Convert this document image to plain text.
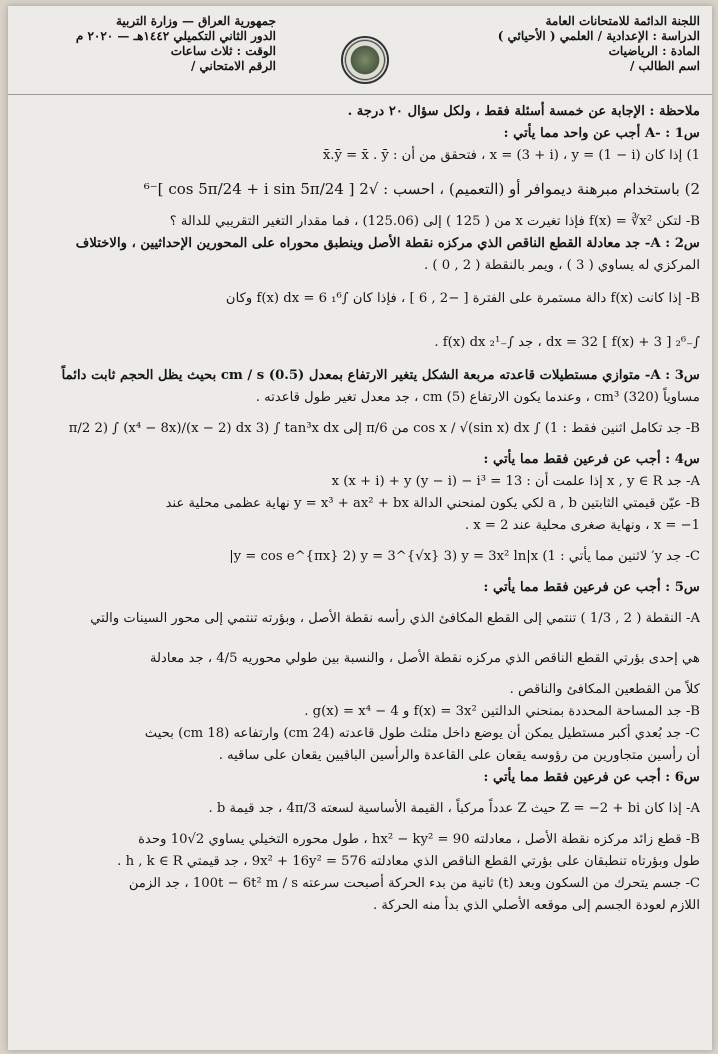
اللجنة الدائمة للامتحانات العامة
الدراسة : الإعدادية / العلمي ( الأحيائي )
المادة : الرياضيات
اسم الطالب /
جمهورية العراق — وزارة التربية
الدور الثاني التكميلي ١٤٤٢هـ — ٢٠٢٠ م
الوقت : ثلاث ساعات
الرقم الامتحاني /
ملاحظة : الإجابة عن خمسة أسئلة فقط ، ولكل سؤال ٢٠ درجة .
س1 : -A أجب عن واحد مما يأتي :
1) إذا كان x = (3 + i) ، y = (1 − i) ، فتحقق من أن : x̄.ȳ = x̄ . ȳ
2) باستخدام مبرهنة ديموافر أو (التعميم) ، احسب : √2 [ cos 5π/24 + i sin 5π/24 ]⁻⁶
B- لتكن f(x) = ∛x² فإذا تغيرت x من ( 125 ) إلى (125.06) ، فما مقدار التغير التقريبي للدالة ؟
س2 : A- جد معادلة القطع الناقص الذي مركزه نقطة الأصل وينطبق محوراه على المحورين الإحداثيين ، والاختلاف
المركزي له يساوي ( 3 ) ، ويمر بالنقطة ( 2 , 0 ) .
B- إذا كانت f(x) دالة مستمرة على الفترة [ −2 , 6 ] ، فإذا كان ∫₁⁶ f(x) dx = 6 وكان
∫₋₂⁶ [ f(x) + 3 ] dx = 32 ، جد ∫₋₂¹ f(x) dx .
س3 : A- متوازي مستطيلات قاعدته مربعة الشكل يتغير الارتفاع بمعدل (0.5) cm / s بحيث يظل الحجم ثابت دائماً
مساوياً (320) cm³ ، وعندما يكون الارتفاع (5) cm ، جد معدل تغير طول قاعدته .
B- جد تكامل اثنين فقط : 1) ∫ cos x / √(sin x) dx من π/6 إلى π/2 2) ∫ (x⁴ − 8x)/(x − 2) dx 3) ∫ tan³x dx
س4 : أجب عن فرعين فقط مما يأتي :
A- جد x , y ∈ R إذا علمت أن : x (x + i) + y (y − i) − i³ = 13
B- عيّن قيمتي الثابتين a , b لكي يكون لمنحني الدالة y = x³ + ax² + bx نهاية عظمى محلية عند
x = −1 ، ونهاية صغرى محلية عند x = 2 .
C- جد y′ لاثنين مما يأتي : 1) y = cos e^{πx} 2) y = 3^{√x} 3) y = 3x² ln|x|
س5 : أجب عن فرعين فقط مما يأتي :
A- النقطة ( 2 , 1/3 ) تنتمي إلى القطع المكافئ الذي رأسه نقطة الأصل ، وبؤرته تنتمي إلى محور السينات والتي
هي إحدى بؤرتي القطع الناقص الذي مركزه نقطة الأصل ، والنسبة بين طولي محوريه 4/5 ، جد معادلة
كلاً من القطعين المكافئ والناقص .
B- جد المساحة المحددة بمنحني الدالتين f(x) = 3x² و g(x) = x⁴ − 4 .
C- جد بُعدي أكبر مستطيل يمكن أن يوضع داخل مثلث طول قاعدته (24 cm) وارتفاعه (18 cm) بحيث
أن رأسين متجاورين من رؤوسه يقعان على القاعدة والرأسين الباقيين يقعان على ساقيه .
س6 : أجب عن فرعين فقط مما يأتي :
A- إذا كان Z = −2 + bi حيث Z عدداً مركباً ، القيمة الأساسية لسعته 4π/3 ، جد قيمة b .
B- قطع زائد مركزه نقطة الأصل ، معادلته hx² − ky² = 90 ، طول محوره التخيلي يساوي 2√10 وحدة
طول وبؤرتاه تنطبقان على بؤرتي القطع الناقص الذي معادلته 9x² + 16y² = 576 ، جد قيمتي h , k ∈ R .
C- جسم يتحرك من السكون وبعد (t) ثانية من بدء الحركة أصبحت سرعته 100t − 6t² m / s ، جد الزمن
اللازم لعودة الجسم إلى موقعه الأصلي الذي بدأ منه الحركة .
